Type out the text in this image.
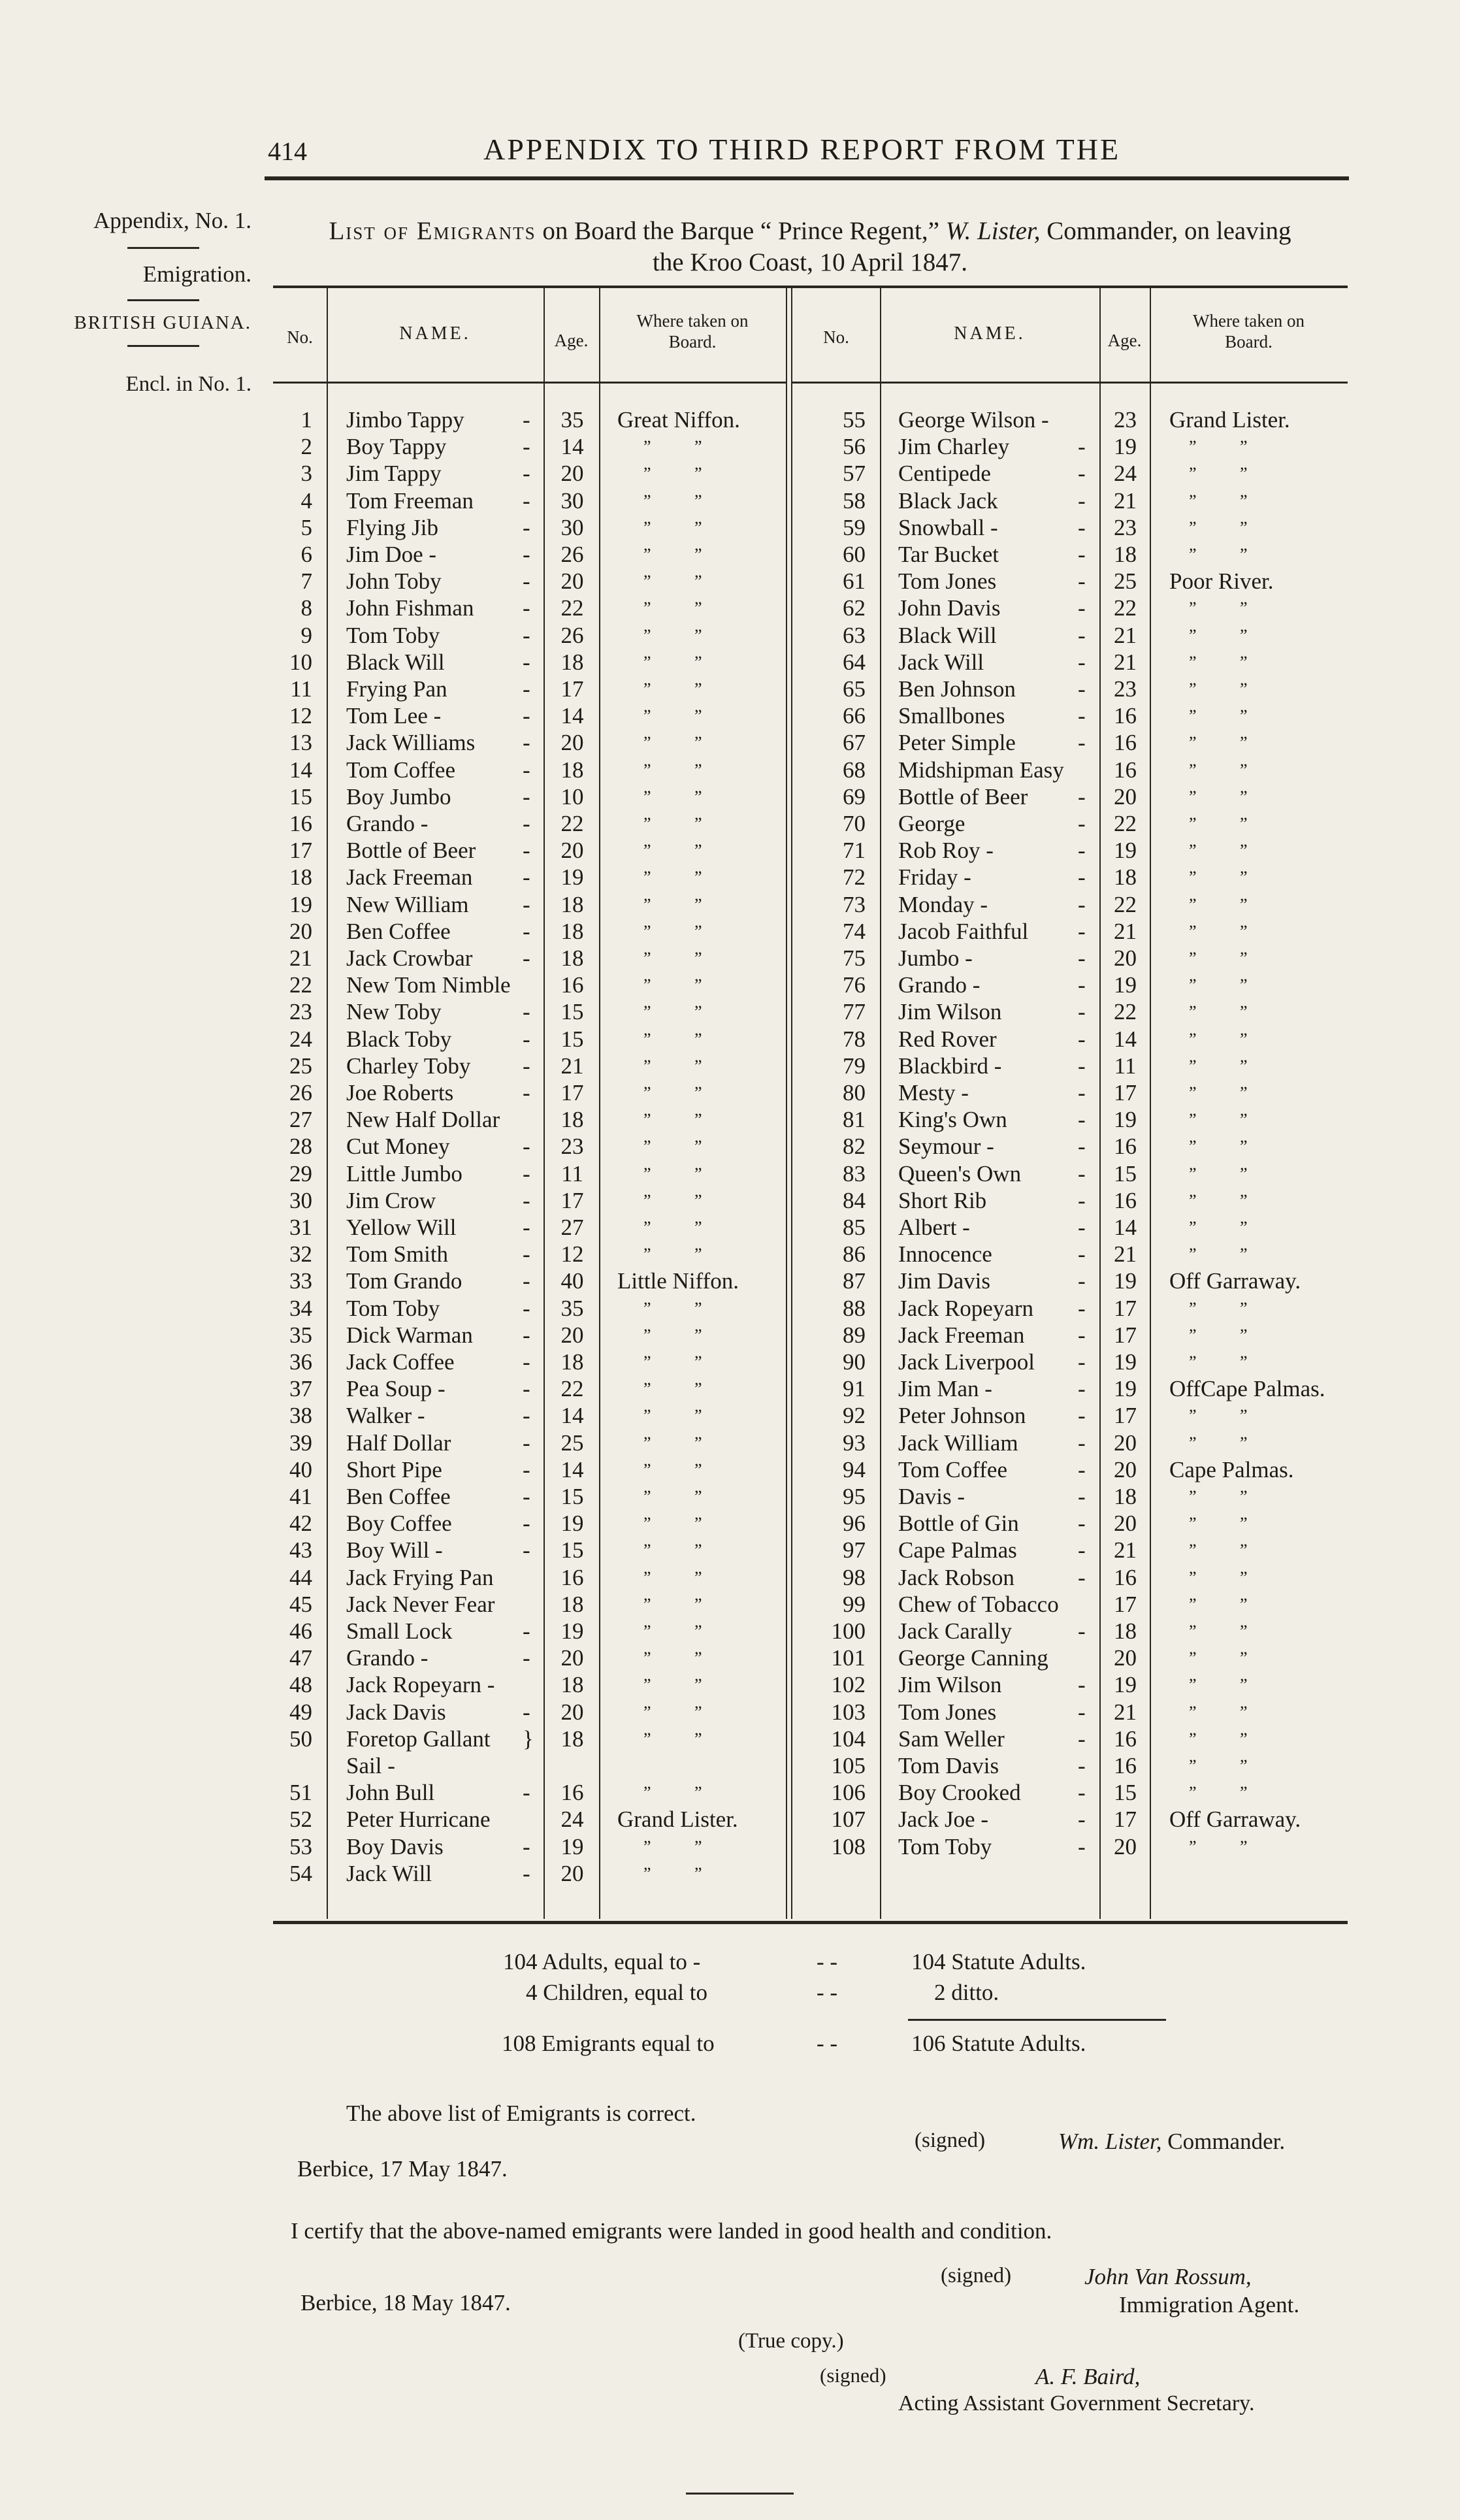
414	APPENDIX TO THIRD REPORT FROM THE
Appendix, No. 1.
Emigration.
BRITISH GUIANA.
Encl. in No. 1.
List of Emigrants on Board the Barque “ Prince Regent,” W. Lister, Commander, on leaving
the Kroo Coast, 10 April 1847.
No.	NAME.	Age.
Where taken on
Board.	No.	NAME.	Age.
Where taken on
Board.
1 Jimbo Tappy	-	35	Great Niffon.
2 Boy Tappy	-	14	” ”
3 Jim Tappy	-	20	” ”
4 Tom Freeman -	30	” ”
5 Flying Jib	-	30	” ”
6 Jim Doe -	-	26	” ”
7 John Toby	-	20	” ”
8 John Fishman -	22	” ”
9 Tom Toby	-	26	” ”
10 Black Will	-	18	” ”
11 Frying Pan	-	17	” ”
12 Tom Lee -	-	14	” ”
13 Jack Williams -	20	” ”
14 Tom Coffee	-	18	” ”
15 Boy Jumbo	-	10	” ”
16 Grando -	-	22	” ”
17 Bottle of Beer -	20	” ”
18 Jack Freeman -	19	” ”
19 New William -	18	” ”
20 Ben Coffee	-	18	” ”
21 Jack Crowbar -	18	” ”
22 New Tom Nimble	16	” ”
23 New Toby	-	15	” ”
24 Black Toby	-	15	” ”
25 Charley Toby -	21	” ”
26 Joe Roberts	-	17	” ”
27 New Half Dollar	18	” ”
28 Cut Money	-	23	” ”
29 Little Jumbo	-	11	” ”
30 Jim Crow	-	17	” ”
31 Yellow Will	-	27	” ”
32 Tom Smith	-	12	” ”
33 Tom Grando	-	40	Little Niffon.
34 Tom Toby	-	35	” ”
35 Dick Warman -	20	” ”
36 Jack Coffee	-	18	” ”
37 Pea Soup -	-	22	” ”
38 Walker -	-	14	” ”
39 Half Dollar	-	25	” ”
40 Short Pipe	-	14	” ”
41 Ben Coffee	-	15	” ”
42 Boy Coffee	-	19	” ”
43 Boy Will -	-	15	” ”
44 Jack Frying Pan	16	” ”
45 Jack Never Fear	18	” ”
46 Small Lock	-	19	” ”
47 Grando -	-	20	” ”
48 Jack Ropeyarn -	18	” ”
49 Jack Davis	-	20	” ”
50 Foretop Gallant }	18	” ”
Sail -
51 John Bull	-	16	” ”
52 Peter Hurricane	24	Grand Lister.
53 Boy Davis	-	19	” ”
54 Jack Will	-	20	” ”
55 George Wilson -	23	Grand Lister.
56 Jim Charley	-	19	” ”
57 Centipede	-	24	” ”
58 Black Jack	-	21	” ”
59 Snowball -	-	23	” ”
60 Tar Bucket	-	18	” ”
61 Tom Jones	-	25	Poor River.
62 John Davis	-	22	” ”
63 Black Will	-	21	” ”
64 Jack Will	-	21	” ”
65 Ben Johnson	-	23	” ”
66 Smallbones	-	16	” ”
67 Peter Simple	-	16	” ”
68 Midshipman Easy	16	” ”
69 Bottle of Beer -	20	” ”
70 George	-	22	” ”
71 Rob Roy -	-	19	” ”
72 Friday -	-	18	” ”
73 Monday -	-	22	” ”
74 Jacob Faithful -	21	” ”
75 Jumbo -	-	20	” ”
76 Grando -	-	19	” ”
77 Jim Wilson	-	22	” ”
78 Red Rover	-	14	” ”
79 Blackbird -	-	11	” ”
80 Mesty -	-	17	” ”
81 King's Own	-	19	” ”
82 Seymour -	-	16	” ”
83 Queen's Own -	15	” ”
84 Short Rib	-	16	” ”
85 Albert -	-	14	” ”
86 Innocence	-	21	” ”
87 Jim Davis	-	19	Off Garraway.
88 Jack Ropeyarn -	17	” ”
89 Jack Freeman -	17	” ”
90 Jack Liverpool -	19	” ”
91 Jim Man -	-	19	OffCape Palmas.
92 Peter Johnson -	17	” ”
93 Jack William	-	20	” ”
94 Tom Coffee	-	20	Cape Palmas.
95 Davis -	-	18	” ”
96 Bottle of Gin	-	20	” ”
97 Cape Palmas	-	21	” ”
98 Jack Robson	-	16	” ”
99 Chew of Tobacco	17	” ”
100 Jack Carally	-	18	” ”
101 George Canning	20	” ”
102 Jim Wilson	-	19	” ”
103 Tom Jones	-	21	” ”
104 Sam Weller	-	16	” ”
105 Tom Davis	-	16	” ”
106 Boy Crooked -	15	” ”
107 Jack Joe -	-	17	Off Garraway.
108 Tom Toby	-	20	” ”
104 Adults, equal to -	- -	104 Statute Adults.
4 Children, equal to	- -	2 ditto.
108 Emigrants equal to	- -	106 Statute Adults.
The above list of Emigrants is correct.
(signed)	Wm. Lister, Commander.
Berbice, 17 May 1847.
I certify that the above-named emigrants were landed in good health and condition.
(signed)	John Van Rossum,
Immigration Agent.
Berbice, 18 May 1847.
(True copy.)
(signed)	A. F. Baird,
Acting Assistant Government Secretary.
